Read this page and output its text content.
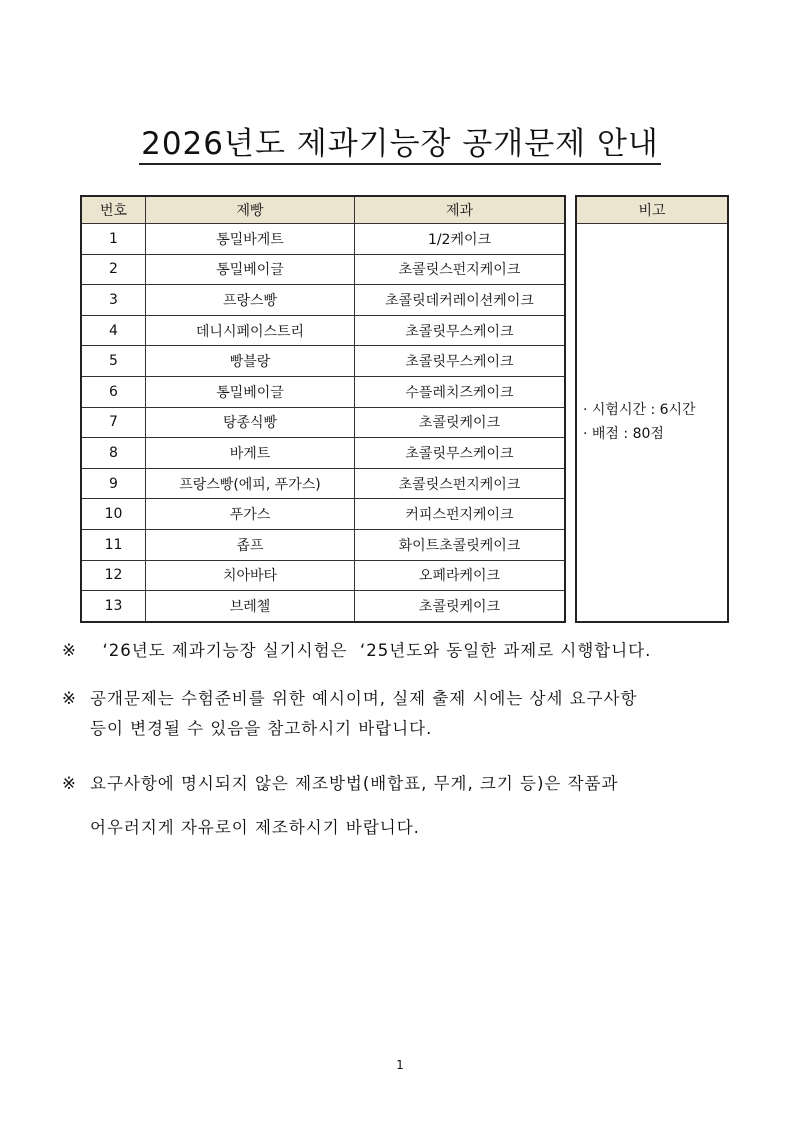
2026년도 제과기능장 공개문제 안내
번호	제빵	제과		비고
1	통밀바게트	1/2케이크		· 시험시간 : 6시간
· 배점 : 80점

2	통밀베이글	초콜릿스펀지케이크		
3	프랑스빵	초콜릿데커레이션케이크		
4	데니시페이스트리	초콜릿무스케이크		
5	빵블랑	초콜릿무스케이크		
6	통밀베이글	수플레치즈케이크		
7	탕종식빵	초콜릿케이크		
8	바게트	초콜릿무스케이크		
9	프랑스빵(에피, 푸가스)	초콜릿스펀지케이크		
10	푸가스	커피스펀지케이크		
11	좁프	화이트초콜릿케이크		
12	치아바타	오페라케이크		
13	브레첼	초콜릿케이크		
※ ‘26년도 제과기능장 실기시험은  ‘25년도와 동일한 과제로 시행합니다.
※ 공개문제는 수험준비를 위한 예시이며, 실제 출제 시에는 상세 요구사항
등이 변경될 수 있음을 참고하시기 바랍니다.
※ 요구사항에 명시되지 않은 제조방법(배합표, 무게, 크기 등)은 작품과
어우러지게 자유로이 제조하시기 바랍니다.
1
